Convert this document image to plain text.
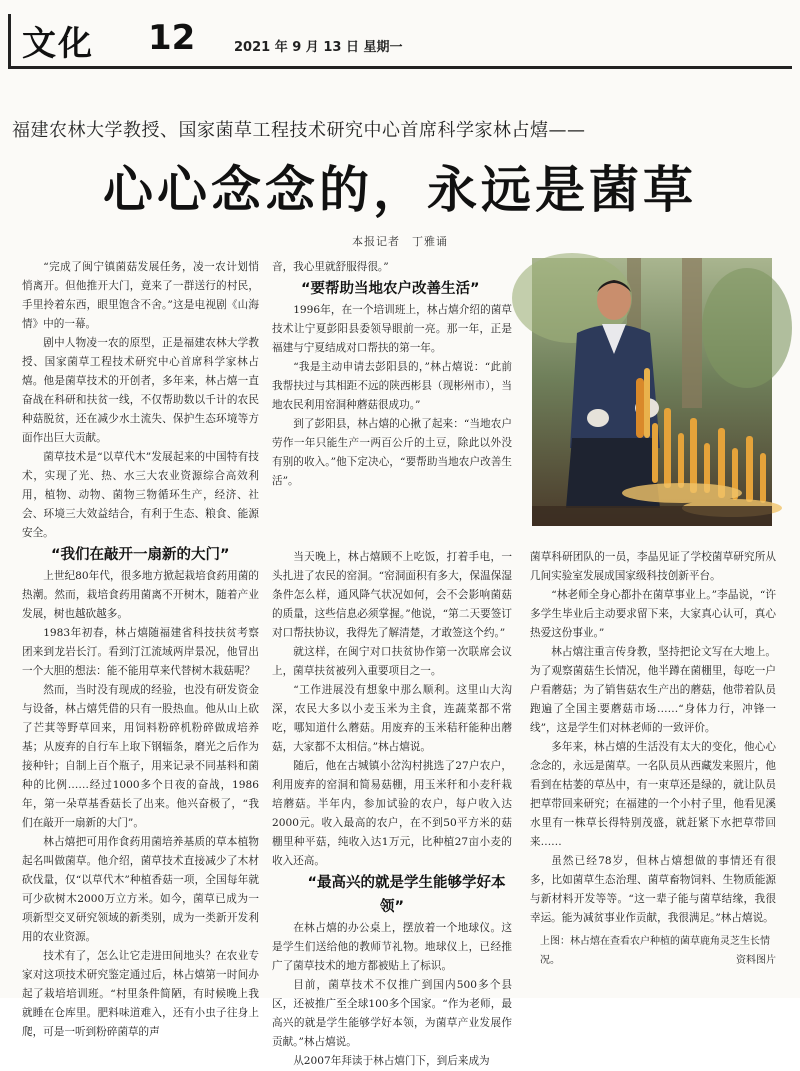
文化 12	2021 年 9 月 13 日 星期一
福建农林大学教授、国家菌草工程技术研究中心首席科学家林占熺——
心心念念的，永远是菌草
本报记者　丁雅诵

“完成了闽宁镇菌菇发展任务，凌一农计划悄悄离开。但他推开大门，竟来了一群送行的村民，手里拎着东西，眼里饱含不舍。”这是电视剧《山海情》中的一幕。

剧中人物凌一农的原型，正是福建农林大学教授、国家菌草工程技术研究中心首席科学家林占熺。他是菌草技术的开创者，多年来，林占熺一直奋战在科研和扶贫一线，不仅帮助数以千计的农民种菇脱贫，还在减少水土流失、保护生态环境等方面作出巨大贡献。

菌草技术是“以草代木”发展起来的中国特有技术，实现了光、热、水三大农业资源综合高效利用，植物、动物、菌物三物循环生产，经济、社会、环境三大效益结合，有利于生态、粮食、能源安全。

“我们在敲开一扇新的大门”

上世纪80年代，很多地方掀起栽培食药用菌的热潮。然而，栽培食药用菌离不开树木，随着产业发展，树也越砍越多。

1983年初春，林占熺随福建省科技扶贫考察团来到龙岩长汀。看到汀江流域两岸景况，他冒出一个大胆的想法：能不能用草来代替树木栽菇呢？

然而，当时没有现成的经验，也没有研发资金与设备，林占熺凭借的只有一股热血。他从山上砍了芒萁等野草回来，用饲料粉碎机粉碎做成培养基；从废弃的自行车上取下钢辐条，磨光之后作为接种针；自制上百个瓶子，用来记录不同基料和菌种的比例……经过1000多个日夜的奋战，1986年，第一朵草基香菇长了出来。他兴奋极了，“我们在敲开一扇新的大门”。

林占熺把可用作食药用菌培养基质的草本植物起名叫做菌草。他介绍，菌草技术直接减少了木材砍伐量，仅“以草代木”种植香菇一项，全国每年就可少砍树木2000万立方米。如今，菌草已成为一项新型交叉研究领域的新类别，成为一类新开发利用的农业资源。

技术有了，怎么让它走进田间地头？在农业专家对这项技术研究鉴定通过后，林占熺第一时间办起了栽培培训班。“村里条件简陋，有时候晚上我就睡在仓库里。肥料味道难入，还有小虫子往身上爬，可是一听到粉碎菌草的声

音，我心里就舒服得很。”

“要帮助当地农户改善生活”

1996年，在一个培训班上，林占熺介绍的菌草技术让宁夏彭阳县委领导眼前一亮。那一年，正是福建与宁夏结成对口帮扶的第一年。

“我是主动申请去彭阳县的，”林占熺说：“此前我帮扶过与其相距不远的陕西彬县（现彬州市），当地农民利用窑洞种蘑菇很成功。”

到了彭阳县，林占熺的心揪了起来：“当地农户劳作一年只能生产一两百公斤的土豆，除此以外没有别的收入。”他下定决心，“要帮助当地农户改善生活”。

当天晚上，林占熺顾不上吃饭，打着手电，一头扎进了农民的窑洞。“窑洞面积有多大，保温保湿条件怎么样，通风降气状况如何，会不会影响菌菇的质量，这些信息必须掌握。”他说，“第二天要签订对口帮扶协议，我得先了解清楚，才敢签这个约。”

就这样，在闽宁对口扶贫协作第一次联席会议上，菌草扶贫被列入重要项目之一。

“工作进展没有想象中那么顺利。这里山大沟深，农民大多以小麦玉米为主食，连蔬菜都不常吃，哪知道什么蘑菇。用废弃的玉米秸秆能种出蘑菇，大家都不太相信。”林占熺说。

随后，他在古城镇小岔沟村挑选了27户农户，利用废弃的窑洞和简易菇棚，用玉米秆和小麦秆栽培蘑菇。半年内，参加试验的农户，每户收入达2000元。收入最高的农户，在不到50平方米的菇棚里种平菇，纯收入达1万元，比种植27亩小麦的收入还高。

“最高兴的就是学生能够学好本领”

在林占熺的办公桌上，摆放着一个地球仪。这是学生们送给他的教师节礼物。地球仪上，已经推广了菌草技术的地方都被贴上了标识。

目前，菌草技术不仅推广到国内500多个县区，还被推广至全球100多个国家。“作为老师，最高兴的就是学生能够学好本领，为菌草产业发展作贡献。”林占熺说。

从2007年拜读于林占熺门下，到后来成为

菌草科研团队的一员，李晶见证了学校菌草研究所从几间实验室发展成国家级科技创新平台。

“林老师全身心都扑在菌草事业上。”李晶说，“许多学生毕业后主动要求留下来，大家真心认可，真心热爱这份事业。”

林占熺注重言传身教，坚持把论文写在大地上。为了观察菌菇生长情况，他半蹲在菌棚里，每吃一户户看蘑菇；为了销售菇农生产出的蘑菇，他带着队员跑遍了全国主要蘑菇市场……“身体力行，冲锋一线”，这是学生们对林老师的一致评价。

多年来，林占熺的生活没有太大的变化，他心心念念的，永远是菌草。一名队员从西藏发来照片，他看到在枯萎的草丛中，有一束草还是绿的，就让队员把草带回来研究；在福建的一个小村子里，他看见溪水里有一株草长得特别茂盛，就赶紧下水把草带回来……

虽然已经78岁，但林占熺想做的事情还有很多，比如菌草生态治理、菌草畜物饲料、生物质能源与新材料开发等等。“这一辈子能与菌草结缘，我很幸运。能为减贫事业作贡献，我很满足。”林占熺说。

上图：林占熺在查看农户种植的菌草鹿角灵芝生长情况。	资料图片
